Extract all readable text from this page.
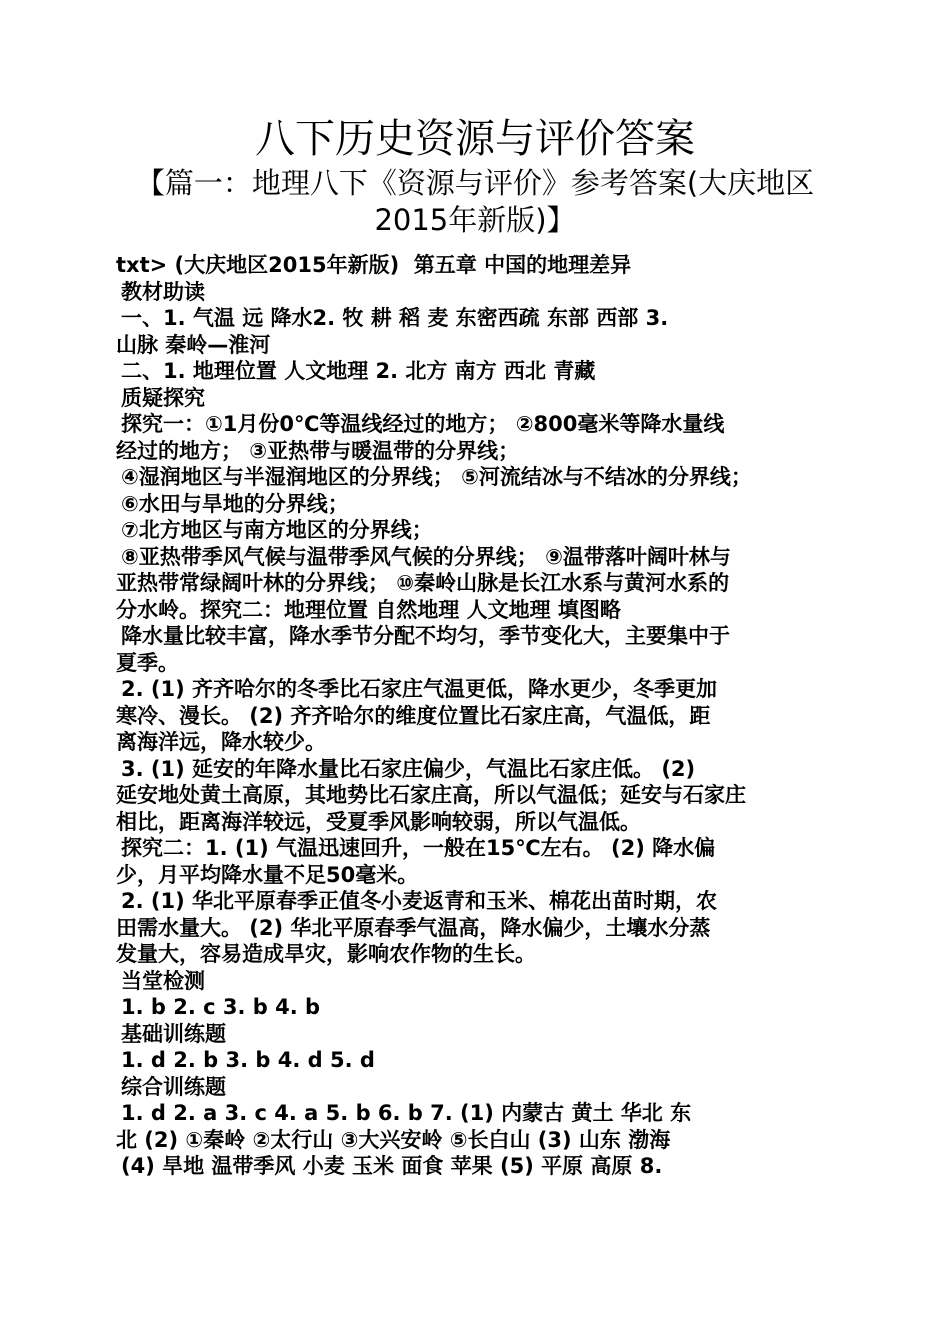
八下历史资源与评价答案
【篇一：地理八下《资源与评价》参考答案(大庆地区2015年新版)】

txt> (大庆地区2015年新版)  第五章 中国的地理差异

教材助读

一、1. 气温 远 降水2. 牧 耕 稻 麦 东密西疏 东部 西部 3.

山脉 秦岭—淮河

二、1. 地理位置 人文地理 2. 北方 南方 西北 青藏

质疑探究

探究一：①1月份0℃等温线经过的地方； ②800毫米等降水量线

经过的地方； ③亚热带与暖温带的分界线；

④湿润地区与半湿润地区的分界线； ⑤河流结冰与不结冰的分界线；

⑥水田与旱地的分界线；

⑦北方地区与南方地区的分界线；

⑧亚热带季风气候与温带季风气候的分界线； ⑨温带落叶阔叶林与

亚热带常绿阔叶林的分界线； ⑩秦岭山脉是长江水系与黄河水系的

分水岭。探究二：地理位置 自然地理 人文地理 填图略

降水量比较丰富，降水季节分配不均匀，季节变化大，主要集中于

夏季。

2. (1) 齐齐哈尔的冬季比石家庄气温更低，降水更少，冬季更加

寒冷、漫长。 (2) 齐齐哈尔的维度位置比石家庄高，气温低，距

离海洋远，降水较少。

3. (1) 延安的年降水量比石家庄偏少，气温比石家庄低。 (2)

延安地处黄土高原，其地势比石家庄高，所以气温低；延安与石家庄

相比，距离海洋较远，受夏季风影响较弱，所以气温低。

探究二：1. (1) 气温迅速回升，一般在15℃左右。 (2) 降水偏

少，月平均降水量不足50毫米。

2. (1) 华北平原春季正值冬小麦返青和玉米、棉花出苗时期，农

田需水量大。 (2) 华北平原春季气温高，降水偏少，土壤水分蒸

发量大，容易造成旱灾，影响农作物的生长。

当堂检测

1. b 2. c 3. b 4. b

基础训练题

1. d 2. b 3. b 4. d 5. d

综合训练题

1. d 2. a 3. c 4. a 5. b 6. b 7. (1) 内蒙古 黄土 华北 东

北 (2) ①秦岭 ②太行山 ③大兴安岭 ⑤长白山 (3) 山东 渤海

(4) 旱地 温带季风 小麦 玉米 面食 苹果 (5) 平原 高原 8.
